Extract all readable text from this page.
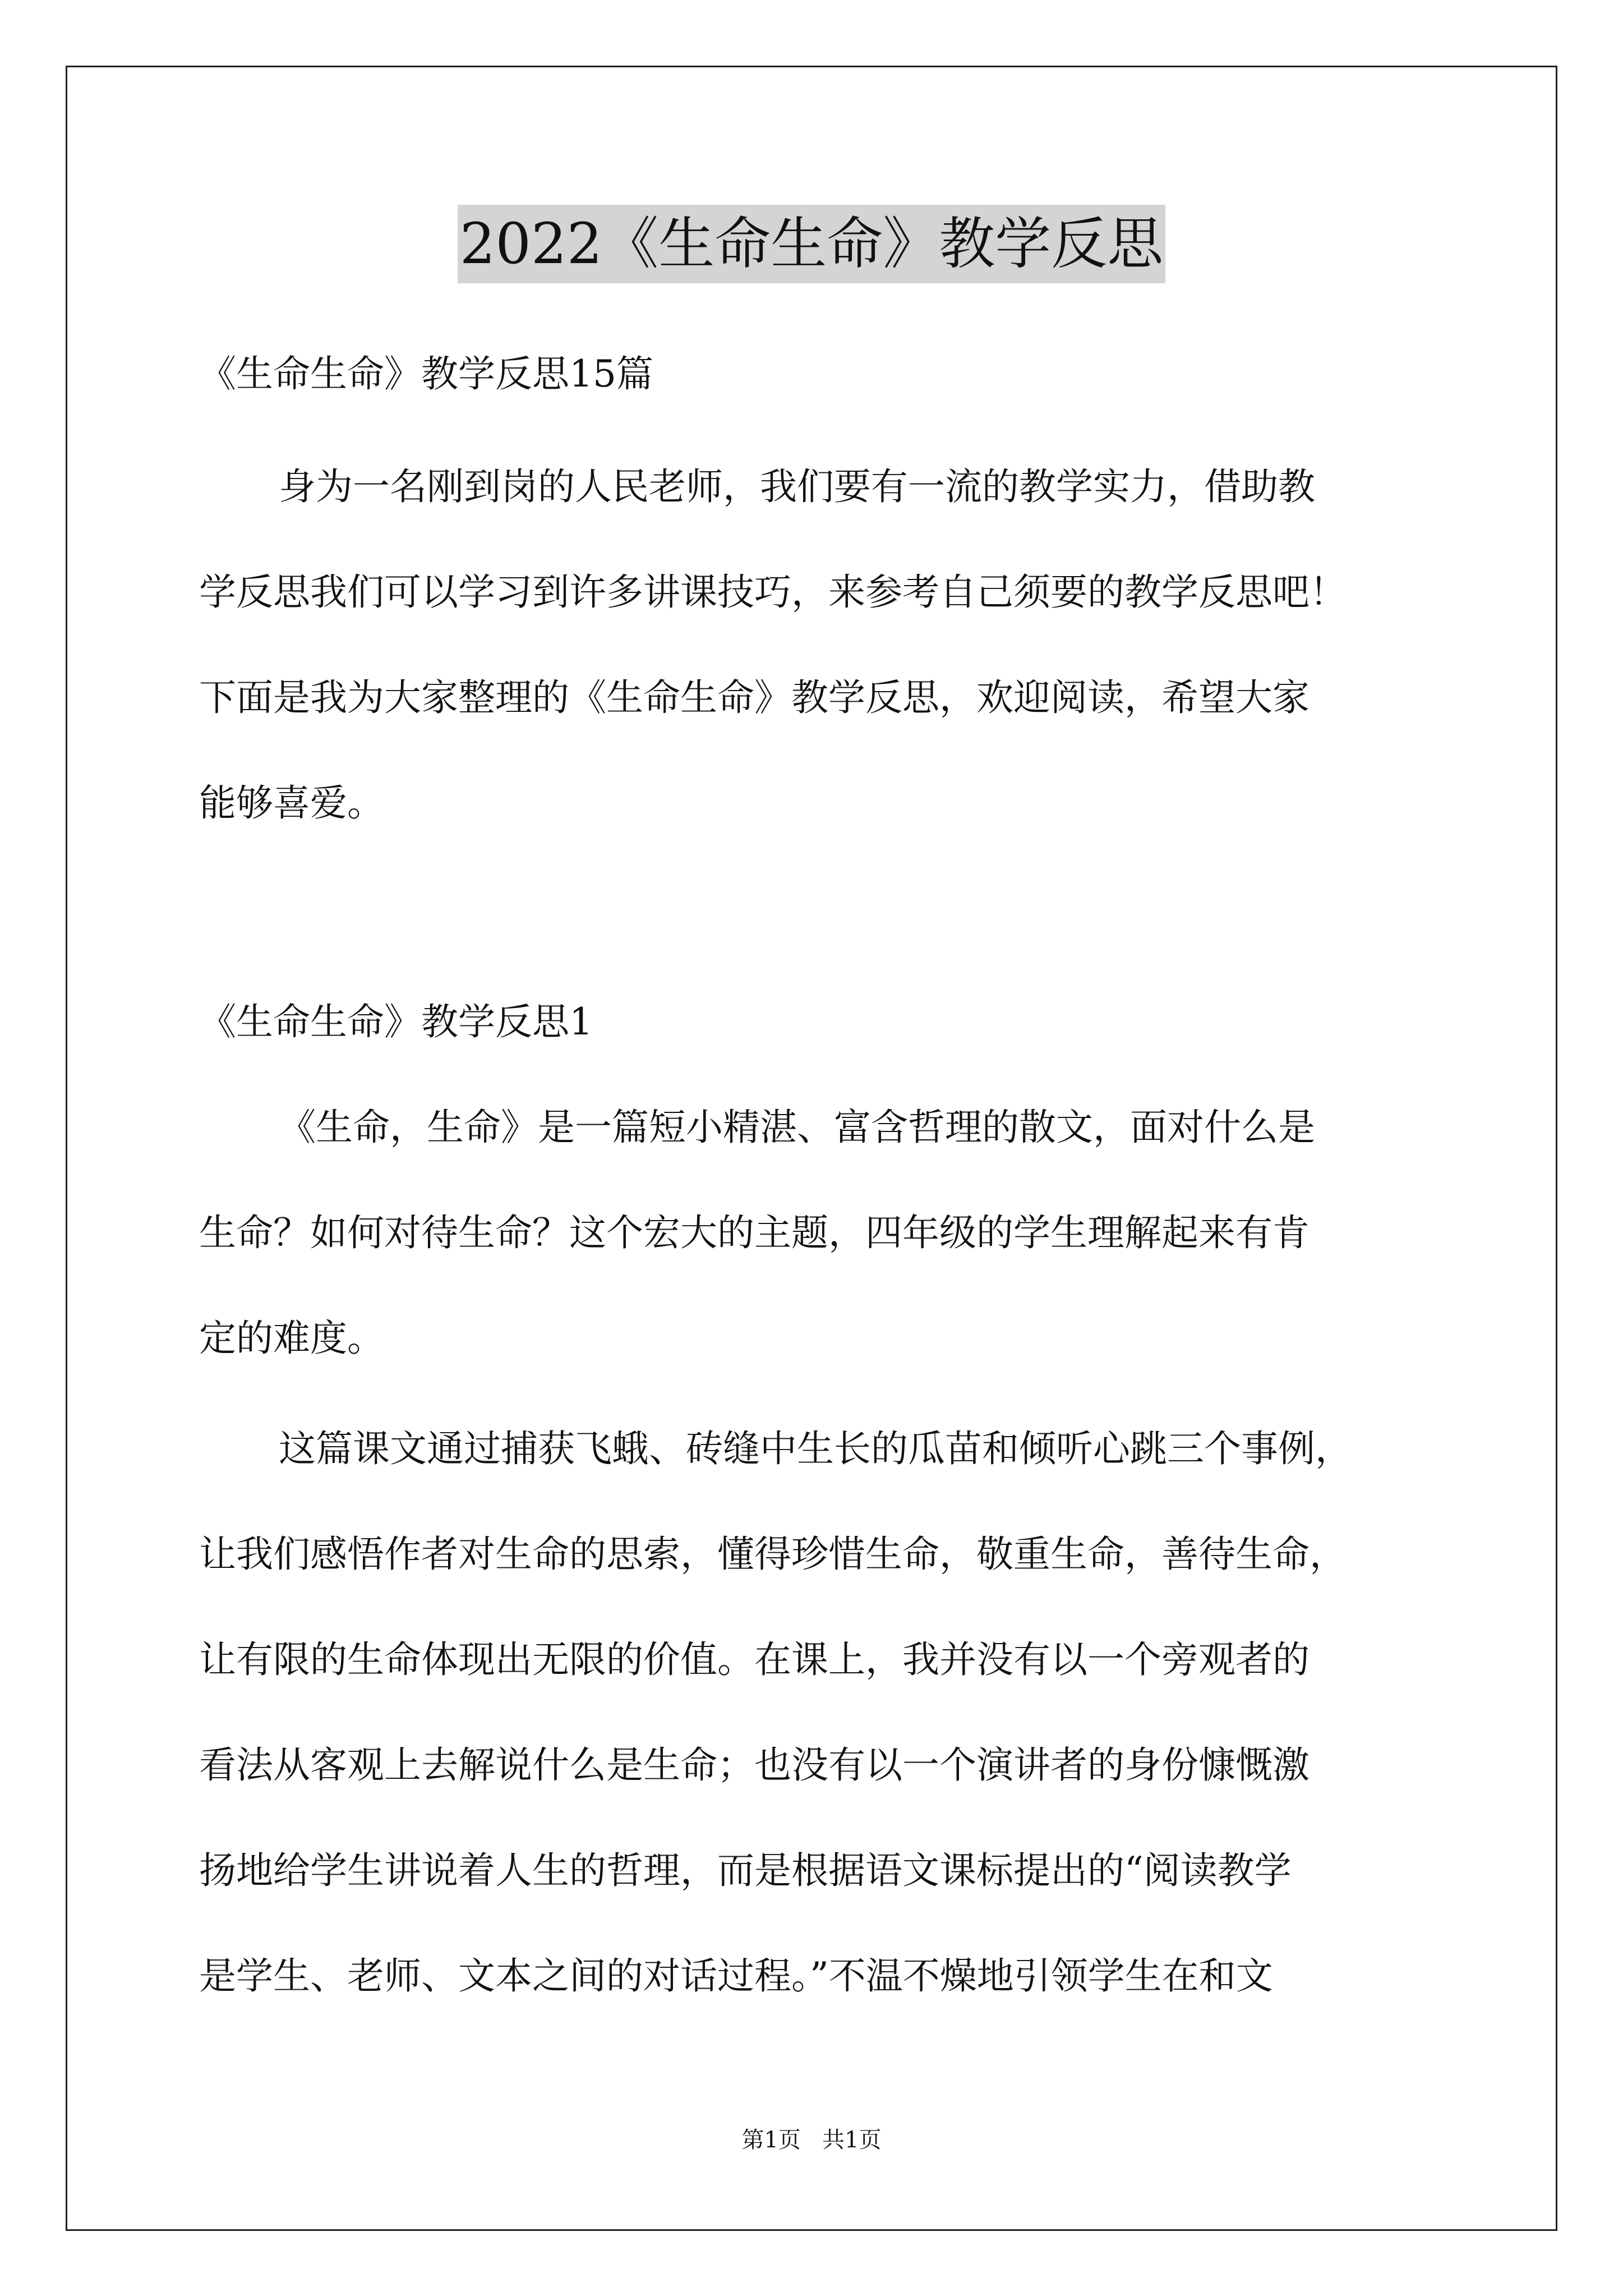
2022《生命生命》教学反思
《生命生命》教学反思15篇
身为一名刚到岗的人民老师，我们要有一流的教学实力，借助教
学反思我们可以学习到许多讲课技巧，来参考自己须要的教学反思吧！
下面是我为大家整理的《生命生命》教学反思，欢迎阅读，希望大家
能够喜爱。
《生命生命》教学反思1
《生命，生命》是一篇短小精湛、富含哲理的散文，面对什么是
生命？如何对待生命？这个宏大的主题，四年级的学生理解起来有肯
定的难度。
这篇课文通过捕获飞蛾、砖缝中生长的瓜苗和倾听心跳三个事例，
让我们感悟作者对生命的思索，懂得珍惜生命，敬重生命，善待生命，
让有限的生命体现出无限的价值。在课上，我并没有以一个旁观者的
看法从客观上去解说什么是生命；也没有以一个演讲者的身份慷慨激
扬地给学生讲说着人生的哲理，而是根据语文课标提出的“阅读教学
是学生、老师、文本之间的对话过程。”不温不燥地引领学生在和文
第1页   共1页
